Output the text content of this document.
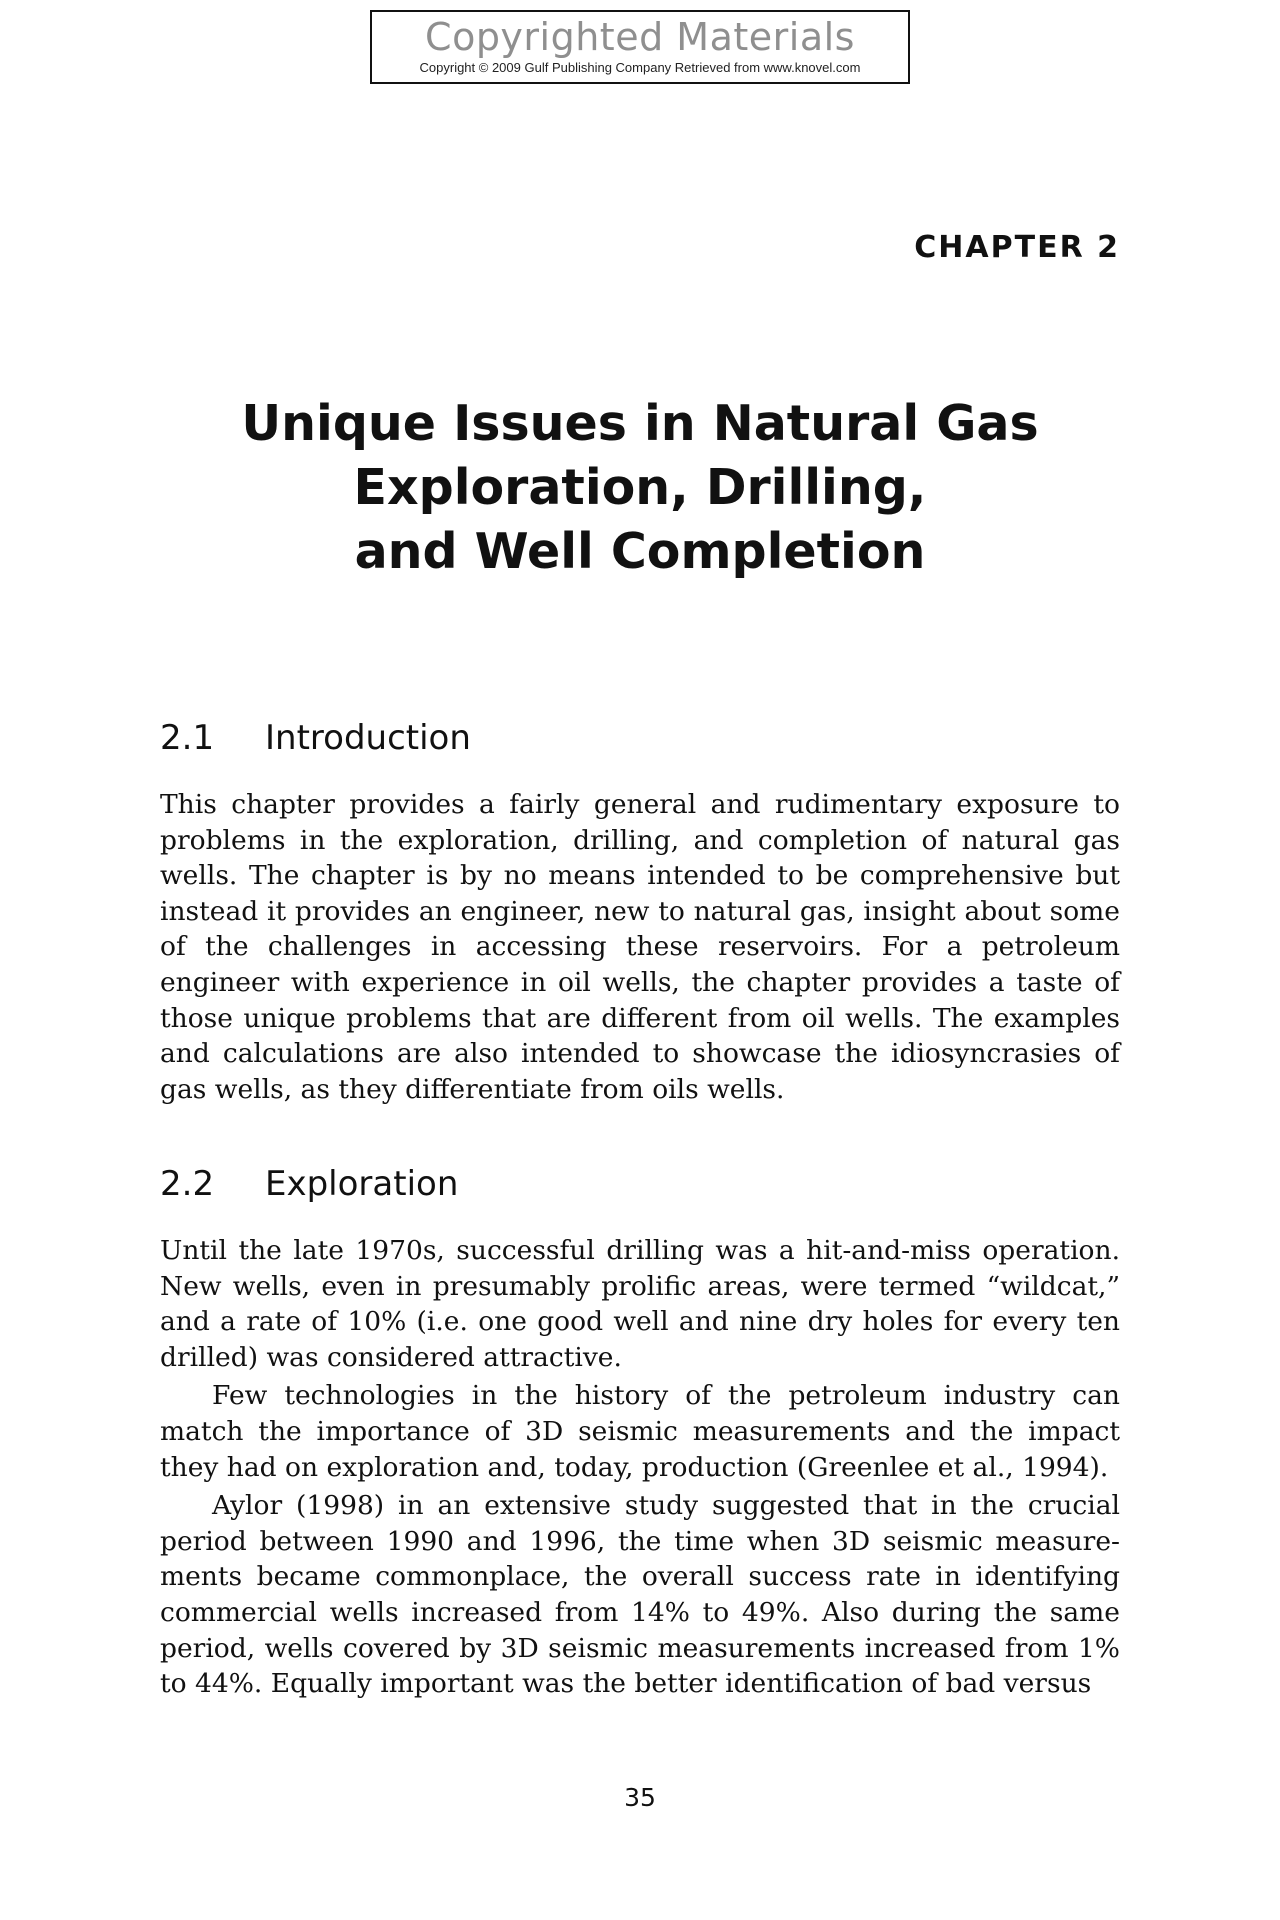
Copyrighted Materials
Copyright © 2009 Gulf Publishing Company Retrieved from www.knovel.com
CHAPTER 2
Unique Issues in Natural Gas
Exploration, Drilling,
and Well Completion
2.1 Introduction

This chapter provides a fairly general and rudimentary exposure to problems in the exploration, drilling, and completion of natural gas wells. The chapter is by no means intended to be comprehensive but instead it provides an engineer, new to natural gas, insight about some of the challenges in accessing these reservoirs. For a petroleum engineer with experience in oil wells, the chapter provides a taste of those unique problems that are different from oil wells. The examples and calculations are also intended to showcase the idiosyncrasies of gas wells, as they differentiate from oils wells.

2.2 Exploration

Until the late 1970s, successful drilling was a hit-and-miss operation. New wells, even in presumably prolific areas, were termed “wildcat,” and a rate of 10% (i.e. one good well and nine dry holes for every ten drilled) was considered attractive.

Few technologies in the history of the petroleum industry can match the importance of 3D seismic measurements and the impact they had on exploration and, today, production (Greenlee et al., 1994).

Aylor (1998) in an extensive study suggested that in the crucial period between 1990 and 1996, the time when 3D seismic measurements became commonplace, the overall success rate in identifying commercial wells increased from 14% to 49%. Also during the same period, wells covered by 3D seismic measurements increased from 1% to 44%. Equally important was the better identification of bad versus

35
